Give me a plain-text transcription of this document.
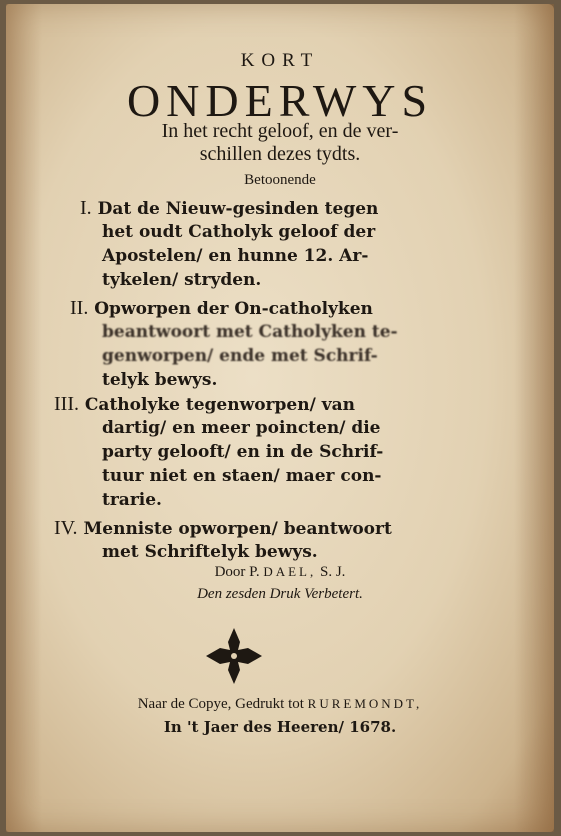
KORT
ONDERWYS
In het recht geloof, en de ver-
schillen dezes tydts.
Betoonende
I. Dat de Nieuw-gesinden tegen
het oudt Catholyk geloof der
Apostelen/ en hunne 12. Ar-
tykelen/ stryden.
II. Opworpen der On-catholyken
beantwoort met Catholyken te-
genworpen/ ende met Schrif-
telyk bewys.
III. Catholyke tegenworpen/ van
dartig/ en meer poincten/ die
party gelooft/ en in de Schrif-
tuur niet en staen/ maer con-
trarie.
IV. Menniste opworpen/ beantwoort
met Schriftelyk bewys.
Door P. DAEL, S. J.
Den zesden Druk Verbetert.
Naar de Copye, Gedrukt tot RUREMONDT,
In 't Jaer des Heeren/ 1678.
